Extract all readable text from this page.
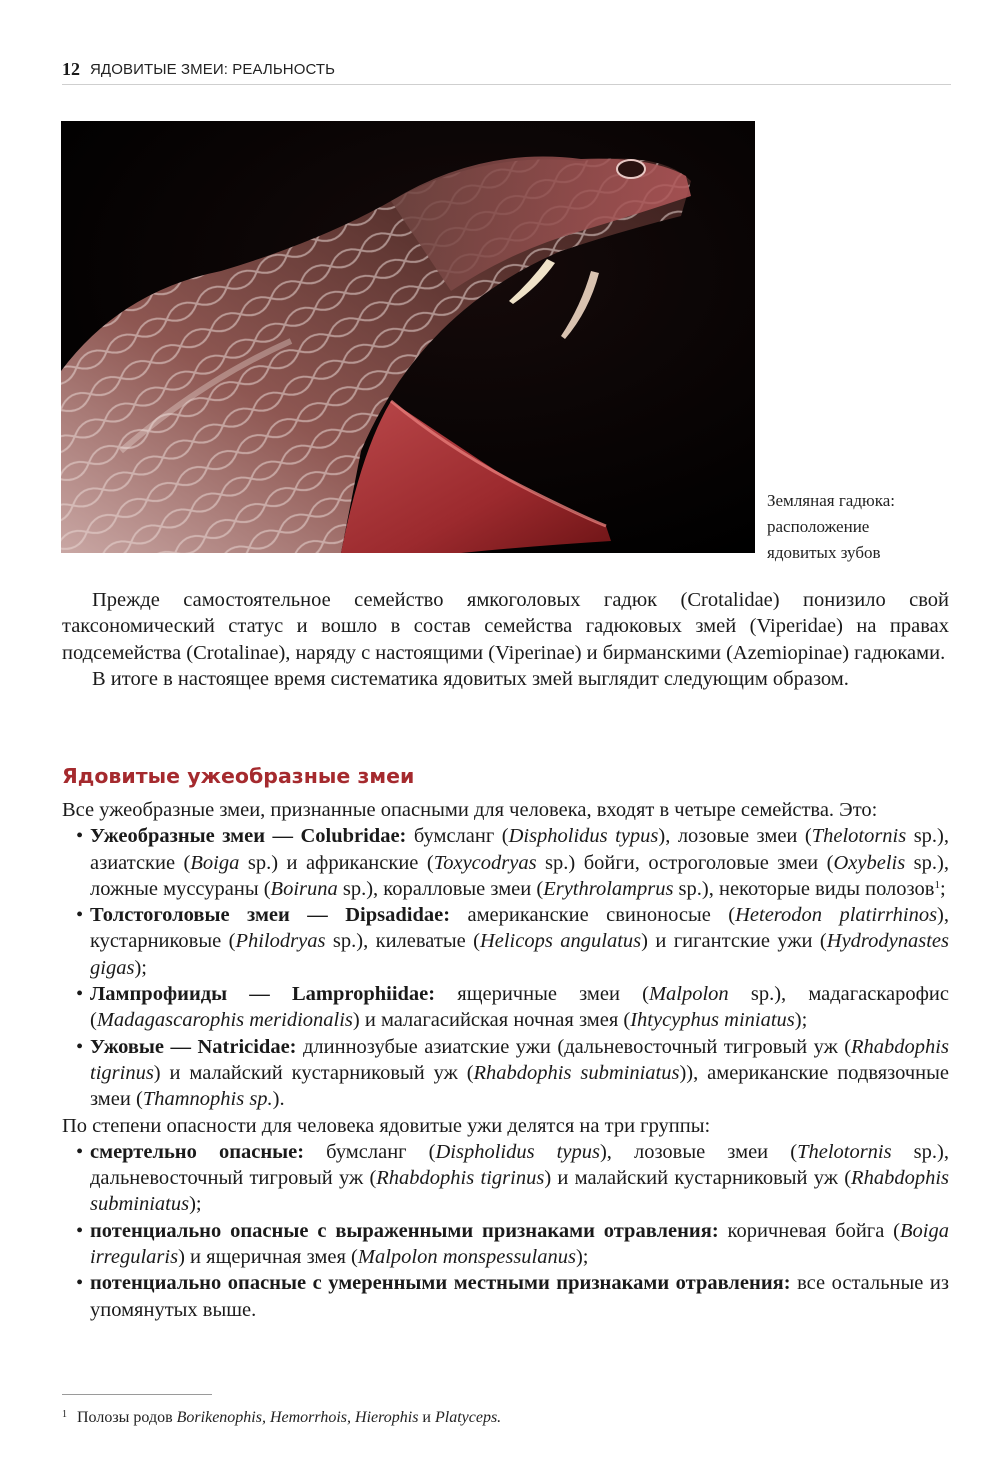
12 ЯДОВИТЫЕ ЗМЕИ: РЕАЛЬНОСТЬ
Земляная гадюка:
расположение
ядовитых зубов

Прежде самостоятельное семейство ямкоголовых гадюк (Crotalidae) понизило свой таксономический статус и вошло в состав семейства гадюковых змей (Viperidae) на правах подсемейства (Crotalinae), наряду с настоящими (Viperinae) и бирманскими (Azemiopinae) гадюками.

В итоге в настоящее время систематика ядовитых змей выглядит следующим образом.

Ядовитые ужеобразные змеи

Все ужеобразные змеи, признанные опасными для человека, входят в четыре семейства. Это:

• Ужеобразные змеи — Colubridae: бумсланг (Dispholidus typus), лозовые змеи (Thelotornis sp.), азиатские (Boiga sp.) и африканские (Toxycodryas sp.) бойги, остроголовые змеи (Oxybelis sp.), ложные муссураны (Boiruna sp.), коралловые змеи (Erythrolamprus sp.), некоторые виды полозов$^1$;
• Толстоголовые змеи — Dipsadidae: американские свиноносые (Heterodon platirrhinos), кустарниковые (Philodryas sp.), килеватые (Helicops angulatus) и гигантские ужи (Hydrodynastes gigas);
• Лампрофииды — Lamprophiidae: ящеричные змеи (Malpolon sp.), мадагаскарофис (Madagascarophis meridionalis) и малагасийская ночная змея (Ihtycyphus miniatus);
• Ужовые — Natricidae: длиннозубые азиатские ужи (дальневосточный тигровый уж (Rhabdophis tigrinus) и малайский кустарниковый уж (Rhabdophis subminiatus)), американские подвязочные змеи (Thamnophis sp.).

По степени опасности для человека ядовитые ужи делятся на три группы:

• смертельно опасные: бумсланг (Dispholidus typus), лозовые змеи (Thelotornis sp.), дальневосточный тигровый уж (Rhabdophis tigrinus) и малайский кустарниковый уж (Rhabdophis subminiatus);
• потенциально опасные с выраженными признаками отравления: коричневая бойга (Boiga irregularis) и ящеричная змея (Malpolon monspessulanus);
• потенциально опасные с умеренными местными признаками отравления: все остальные из упомянутых выше.
$^1$ Полозы родов Borikenophis, Hemorrhois, Hierophis и Platyceps.
